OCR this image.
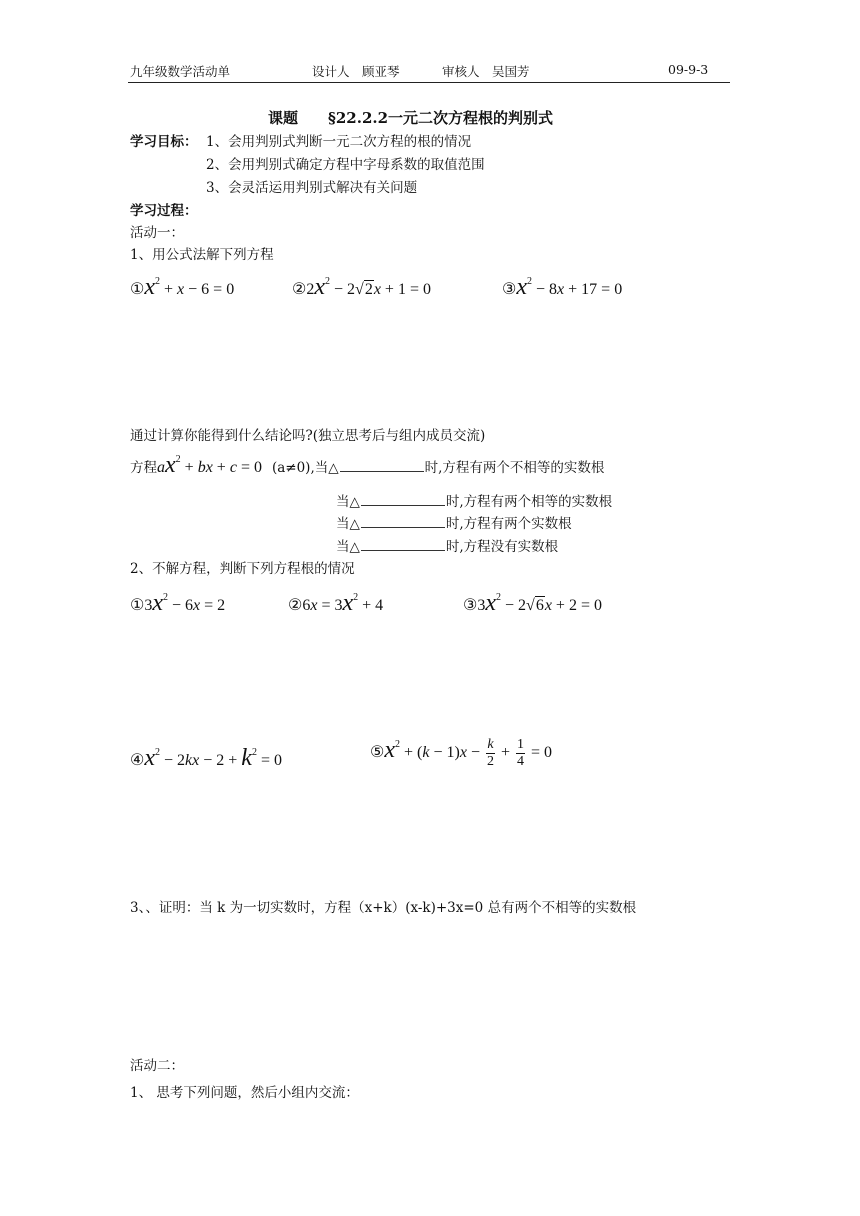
九年级数学活动单	设计人　顾亚琴	审核人　吴国芳	09-9-3
课题　　§22.2.2一元二次方程根的判别式
学习目标： 1、会用判别式判断一元二次方程的根的情况
2、会用判别式确定方程中字母系数的取值范围
3、会灵活运用判别式解决有关问题
学习过程：
活动一：
1、用公式法解下列方程
$①x^2 + x - 6 = 0$	$②2x^2 - 2√2x + 1 = 0$	$③x^2 - 8x + 17 = 0$
通过计算你能得到什么结论吗?(独立思考后与组内成员交流)
方程$ax^2$ + bx + c = 0 (a≠0),当△	时,方程有两个不相等的实数根
当△	时,方程有两个相等的实数根
当△	时,方程有两个实数根
当△	时,方程没有实数根
2、不解方程，判断下列方程根的情况
$①3x^2 - 6x = 2$	②6x = $3x^2 + 4$	$③3x^2 - 2√6x + 2 = 0$
$④x^2 - 2kx - 2 + k^2 = 0$	$⑤x^2 + (k - 1)x - \frac{k}{2} + \frac{1}{4} = 0$
3、、证明：当 k 为一切实数时，方程（x+k）(x-k)+3x=0 总有两个不相等的实数根
活动二：
1、 思考下列问题，然后小组内交流：
